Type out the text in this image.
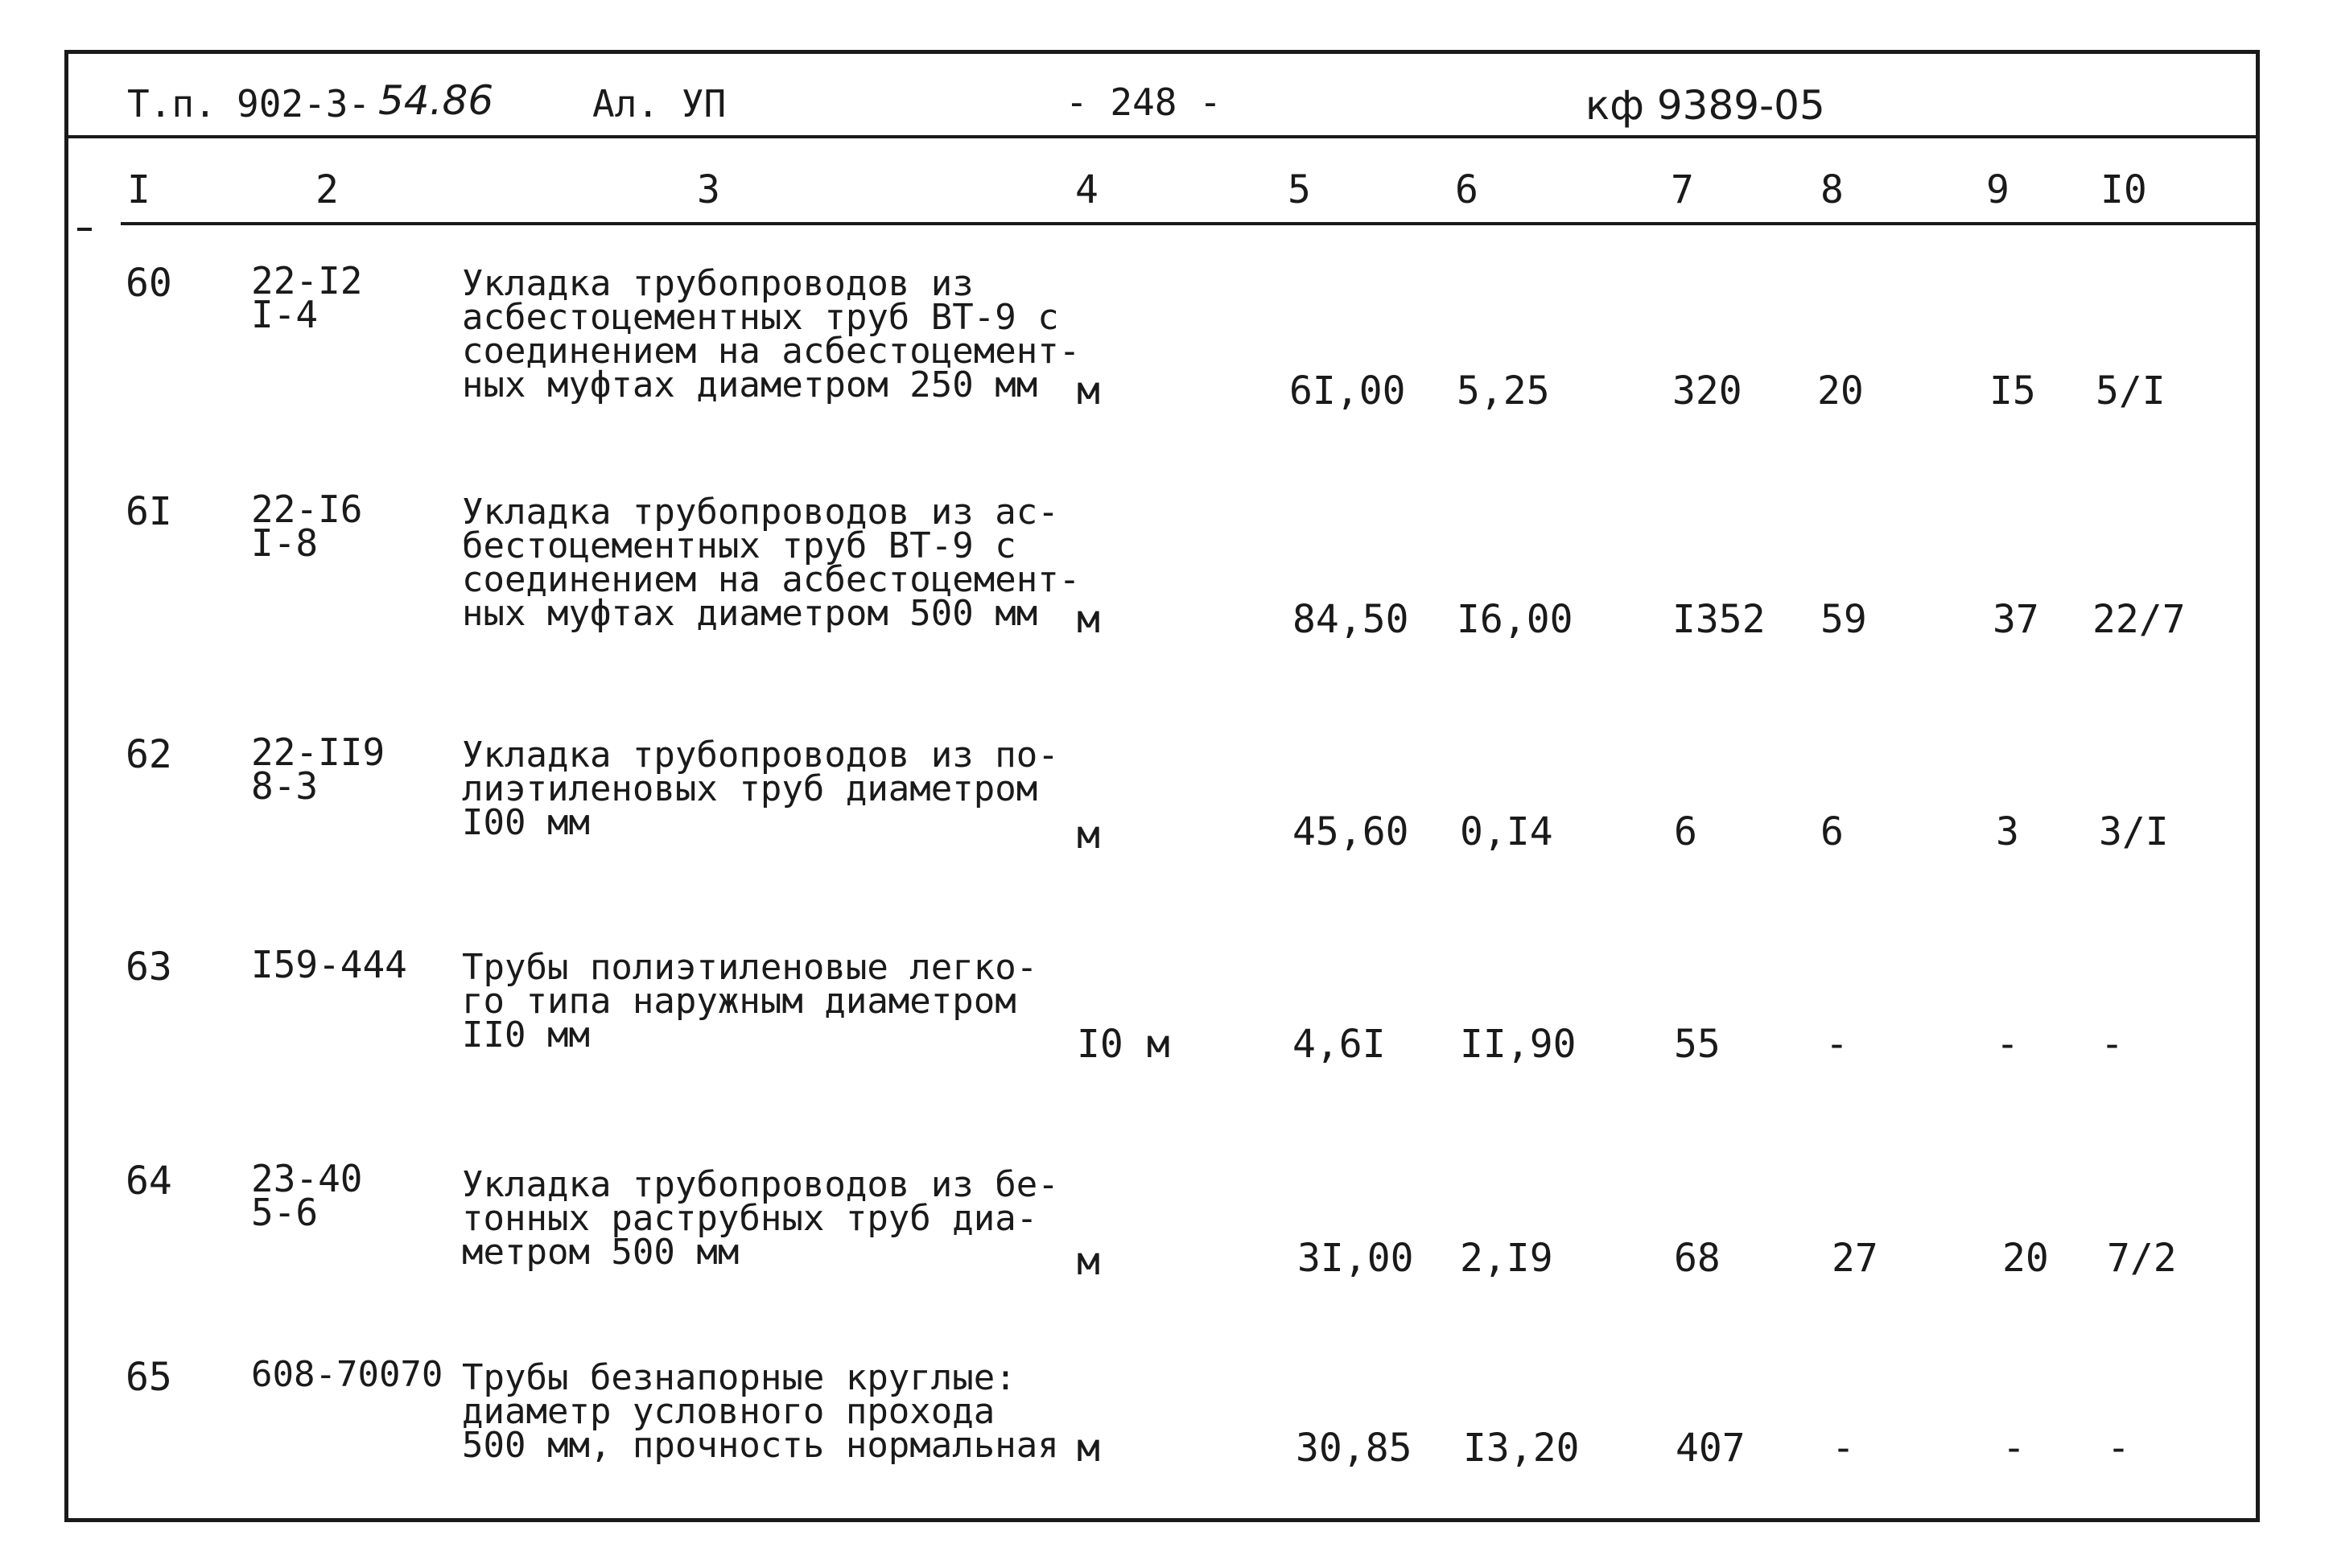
Т.п. 902-3- 54.86	Ал. УП	- 248 -	кф 9389-05
I	2	3	4	5	6	7	8	9 I0
60 22-I2
I-4
Укладка трубопроводов из
асбестоцементных труб ВТ-9 с
соединением на асбестоцемент-
ных муфтах диаметром 250 мм	м	6I,00 5,25	320 20	I5 5/I
6I 22-I6
I-8
Укладка трубопроводов из ас-
бестоцементных труб ВТ-9 с
соединением на асбестоцемент-
ных муфтах диаметром 500 мм	м	84,50 I6,00	I352 59	37 22/7
62 22-II9
8-3
Укладка трубопроводов из по-
лиэтиленовых труб диаметром
I00 мм	м	45,60 0,I4	6	6	3 3/I
63 I59-444 Трубы полиэтиленовые легко-
го типа наружным диаметром
II0 мм	I0 м	4,6I II,90	55	-	- -
64 23-40
5-6
Укладка трубопроводов из бе-
тонных раструбных труб диа-
метром 500 мм	м	3I,00 2,I9	68	27	20 7/2
65 608-70070 Трубы безнапорные круглые:
диаметр условного прохода
500 мм, прочность нормальная м	30,85 I3,20 407 -	- -
